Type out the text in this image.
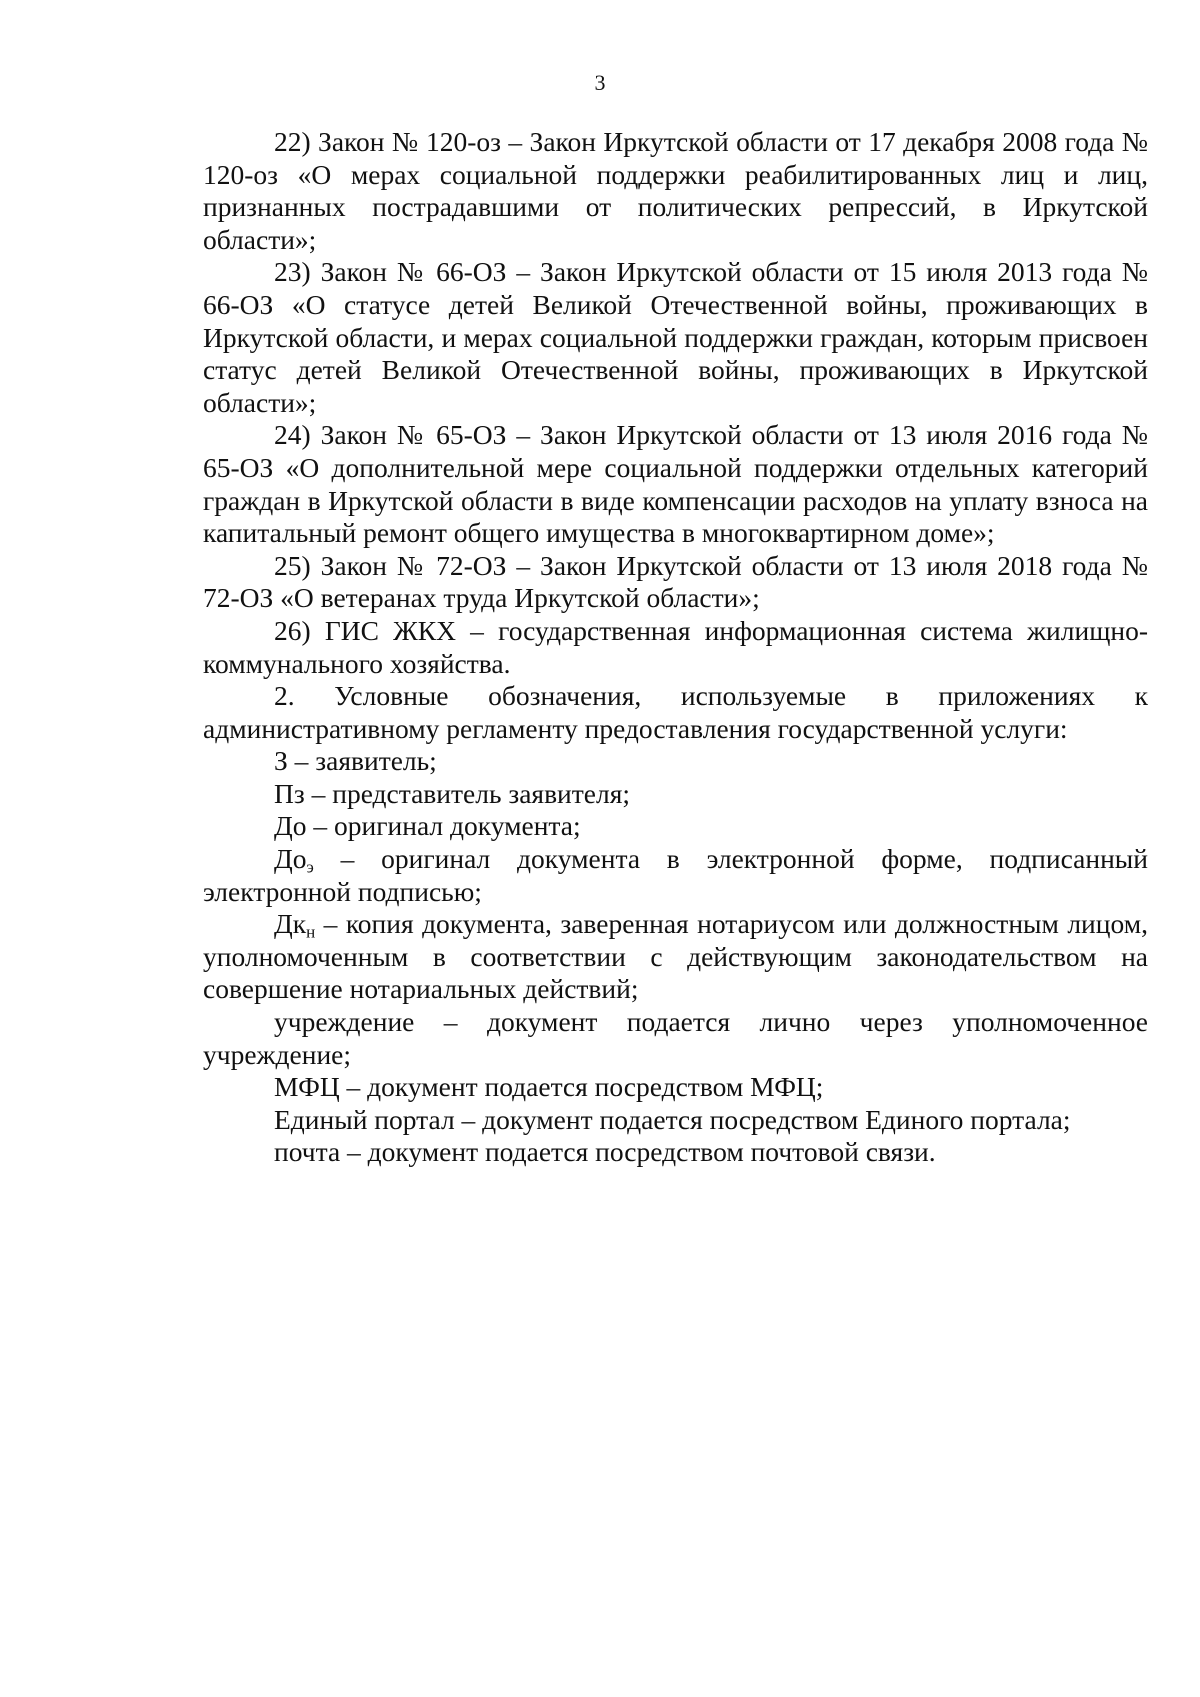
3

22) Закон № 120-оз – Закон Иркутской области от 17 декабря 2008 года № 120-оз «О мерах социальной поддержки реабилитированных лиц и лиц, признанных пострадавшими от политических репрессий, в Иркутской области»;

23) Закон № 66-ОЗ – Закон Иркутской области от 15 июля 2013 года № 66-ОЗ «О статусе детей Великой Отечественной войны, проживающих в Иркутской области, и мерах социальной поддержки граждан, которым присвоен статус детей Великой Отечественной войны, проживающих в Иркутской области»;

24) Закон № 65-ОЗ – Закон Иркутской области от 13 июля 2016 года № 65-ОЗ «О дополнительной мере социальной поддержки отдельных категорий граждан в Иркутской области в виде компенсации расходов на уплату взноса на капитальный ремонт общего имущества в многоквартирном доме»;

25) Закон № 72-ОЗ – Закон Иркутской области от 13 июля 2018 года № 72-ОЗ «О ветеранах труда Иркутской области»;

26) ГИС ЖКХ – государственная информационная система жилищно-коммунального хозяйства.

2. Условные обозначения, используемые в приложениях к административному регламенту предоставления государственной услуги:

З – заявитель;

Пз – представитель заявителя;

До – оригинал документа;

$До_э$ – оригинал документа в электронной форме, подписанный электронной подписью;

$Дк_н$ – копия документа, заверенная нотариусом или должностным лицом, уполномоченным в соответствии с действующим законодательством на совершение нотариальных действий;

учреждение – документ подается лично через уполномоченное учреждение;

МФЦ – документ подается посредством МФЦ;

Единый портал – документ подается посредством Единого портала;

почта – документ подается посредством почтовой связи.
